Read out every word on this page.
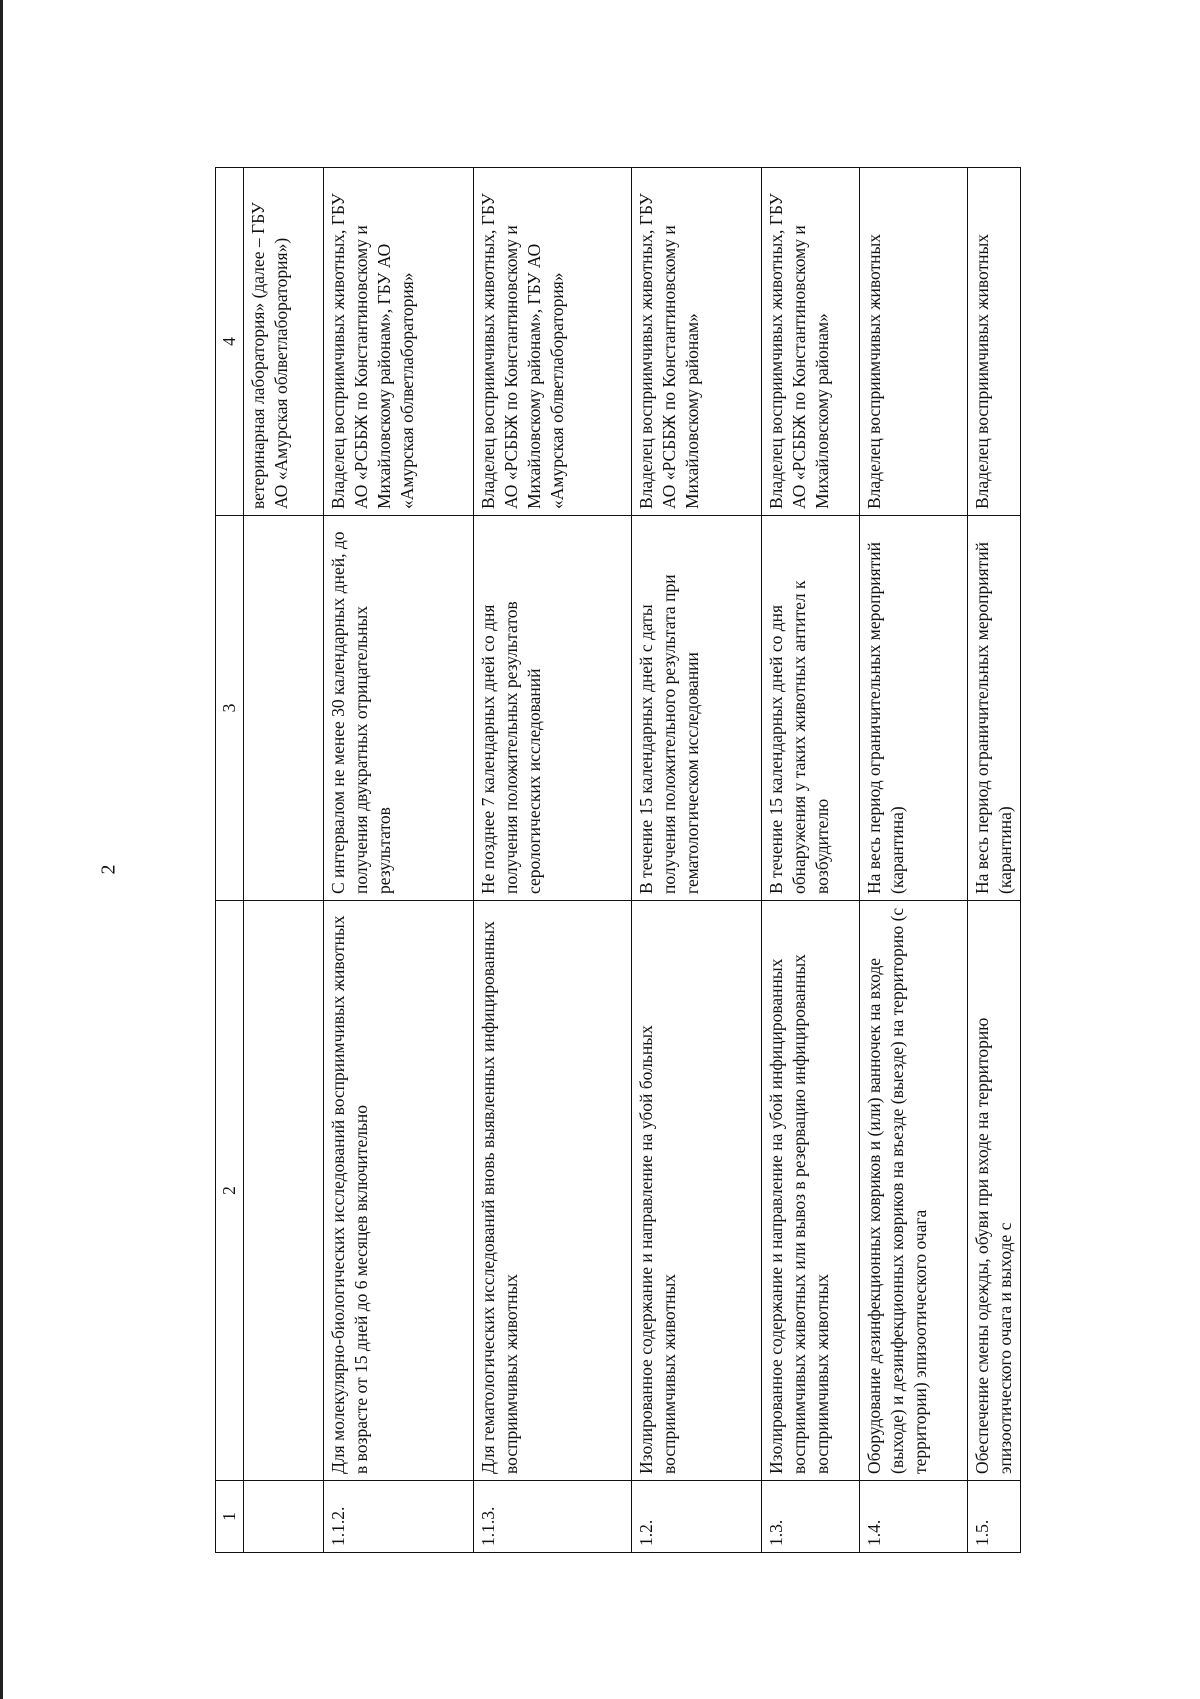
2
1	2	3	4
			ветеринарная лаборатория» (далее – ГБУ АО «Амурская облветлаборатория»)
1.1.2.	Для молекулярно-биологических исследований восприимчивых животных в возрасте от 15 дней до 6 месяцев включительно	С интервалом не менее 30 календарных дней, до получения двукратных отрицательных результатов	Владелец восприимчивых животных, ГБУ АО «РСББЖ по Константиновскому и Михайловскому районам», ГБУ АО «Амурская облветлаборатория»
1.1.3.	Для гематологических исследований вновь выявленных инфицированных восприимчивых животных	Не позднее 7 календарных дней со дня получения положительных результатов серологических исследований	Владелец восприимчивых животных, ГБУ АО «РСББЖ по Константиновскому и Михайловскому районам», ГБУ АО «Амурская облветлаборатория»
1.2.	Изолированное содержание и направление на убой больных восприимчивых животных	В течение 15 календарных дней с даты получения положительного результата при гематологическом исследовании	Владелец восприимчивых животных, ГБУ АО «РСББЖ по Константиновскому и Михайловскому районам»
1.3.	Изолированное содержание и направление на убой инфицированных восприимчивых животных или вывоз в резервацию инфицированных восприимчивых животных	В течение 15 календарных дней со дня обнаружения у таких животных антител к возбудителю	Владелец восприимчивых животных, ГБУ АО «РСББЖ по Константиновскому и Михайловскому районам»
1.4.	Оборудование дезинфекционных ковриков и (или) ванночек на входе (выходе) и дезинфекционных ковриков на въезде (выезде) на территорию (с территории) эпизоотического очага	На весь период ограничительных мероприятий (карантина)	Владелец восприимчивых животных
1.5.	Обеспечение смены одежды, обуви при входе на территорию эпизоотического очага и выходе с	На весь период ограничительных мероприятий (карантина)	Владелец восприимчивых животных
